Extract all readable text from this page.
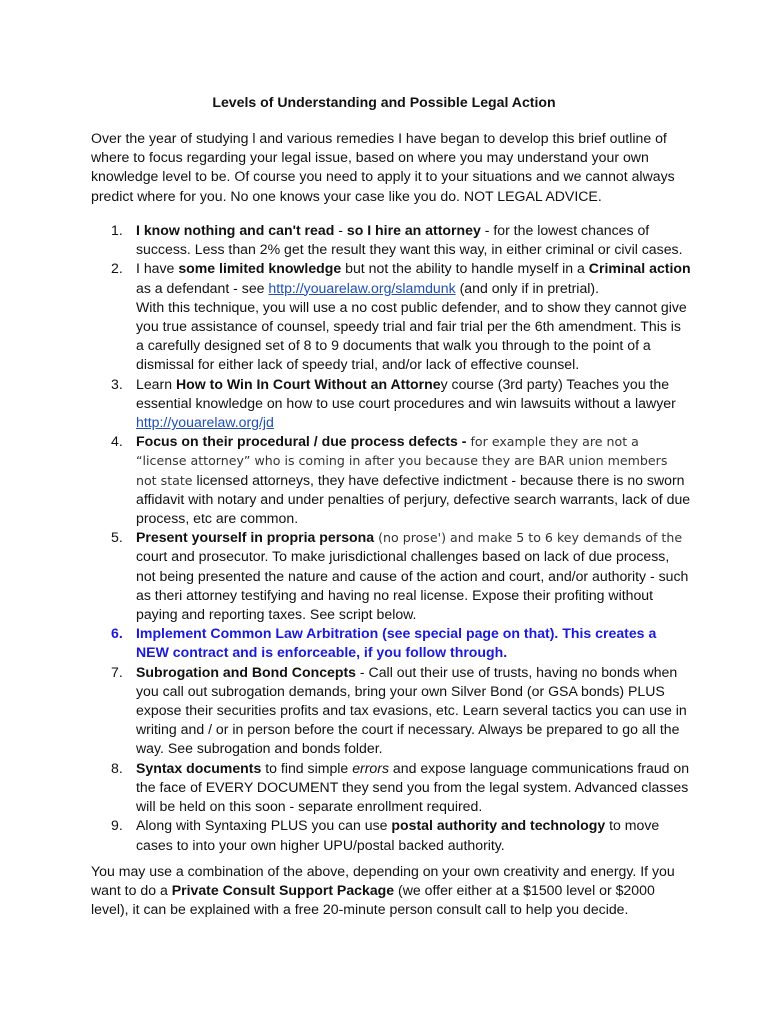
Levels of Understanding and Possible Legal Action

Over the year of studying l and various remedies I have began to develop this brief outline of where to focus regarding your legal issue, based on where you may understand your own knowledge level to be. Of course you need to apply it to your situations and we cannot always predict where for you. No one knows your case like you do. NOT LEGAL ADVICE.

1. I know nothing and can't read - so I hire an attorney - for the lowest chances of success. Less than 2% get the result they want this way, in either criminal or civil cases.
2. I have some limited knowledge but not the ability to handle myself in a Criminal action as a defendant - see http://youarelaw.org/slamdunk (and only if in pretrial).
With this technique, you will use a no cost public defender, and to show they cannot give you true assistance of counsel, speedy trial and fair trial per the 6th amendment. This is a carefully designed set of 8 to 9 documents that walk you through to the point of a dismissal for either lack of speedy trial, and/or lack of effective counsel.
3. Learn How to Win In Court Without an Attorney course (3rd party) Teaches you the essential knowledge on how to use court procedures and win lawsuits without a lawyer http://youarelaw.org/jd
4. Focus on their procedural / due process defects - for example they are not a “license attorney” who is coming in after you because they are BAR union members not state licensed attorneys, they have defective indictment - because there is no sworn affidavit with notary and under penalties of perjury, defective search warrants, lack of due process, etc are common.
5. Present yourself in propria persona (no prose') and make 5 to 6 key demands of the court and prosecutor. To make jurisdictional challenges based on lack of due process, not being presented the nature and cause of the action and court, and/or authority - such as theri attorney testifying and having no real license. Expose their profiting without paying and reporting taxes. See script below.
6. Implement Common Law Arbitration (see special page on that). This creates a NEW contract and is enforceable, if you follow through.
7. Subrogation and Bond Concepts - Call out their use of trusts, having no bonds when you call out subrogation demands, bring your own Silver Bond (or GSA bonds) PLUS expose their securities profits and tax evasions, etc. Learn several tactics you can use in writing and / or in person before the court if necessary. Always be prepared to go all the way. See subrogation and bonds folder.
8. Syntax documents to find simple errors and expose language communications fraud on the face of EVERY DOCUMENT they send you from the legal system. Advanced classes will be held on this soon - separate enrollment required.
9. Along with Syntaxing PLUS you can use postal authority and technology to move cases to into your own higher UPU/postal backed authority.

You may use a combination of the above, depending on your own creativity and energy. If you want to do a Private Consult Support Package (we offer either at a $1500 level or $2000 level), it can be explained with a free 20-minute person consult call to help you decide.
